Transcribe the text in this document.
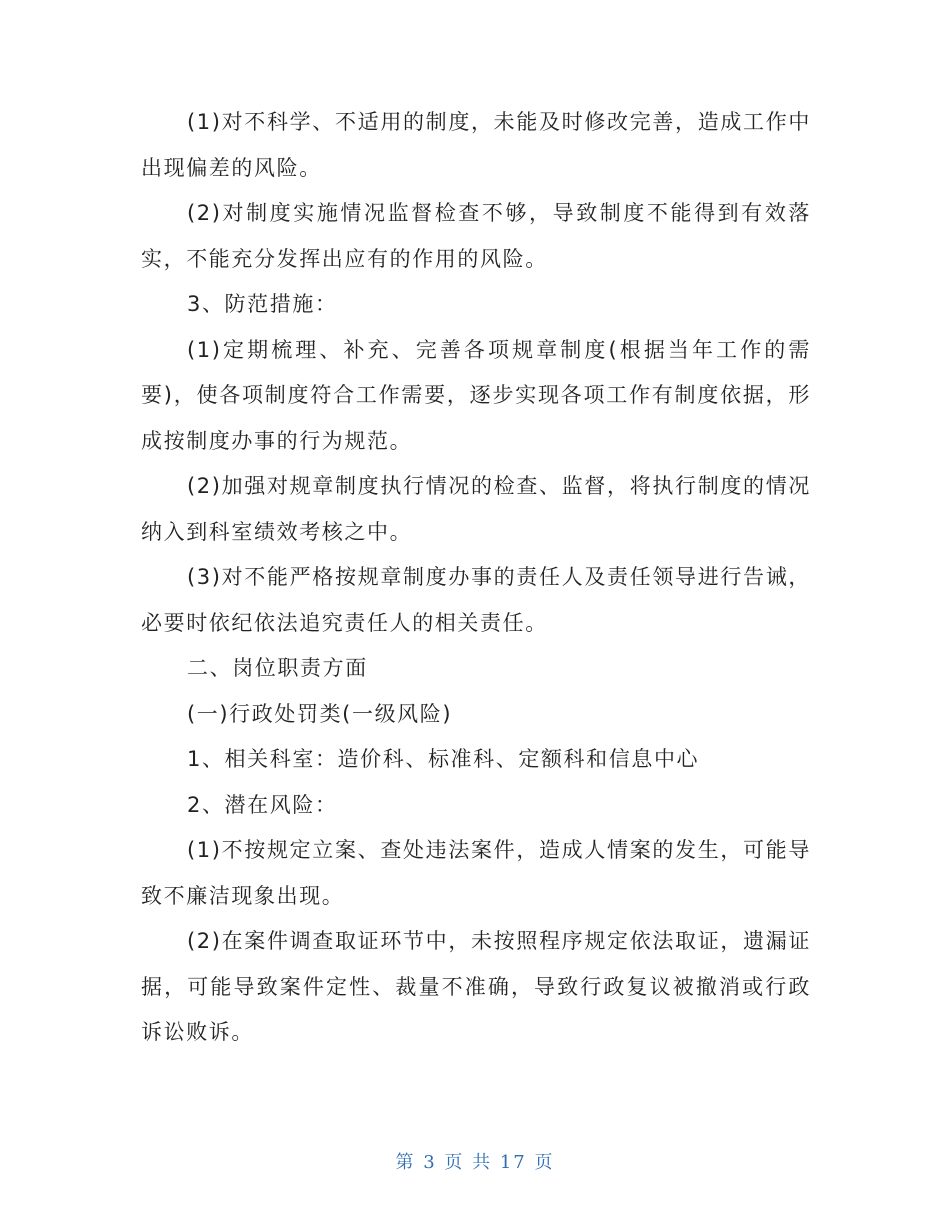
(1)对不科学、不适用的制度，未能及时修改完善，造成工作中出现偏差的风险。

(2)对制度实施情况监督检查不够，导致制度不能得到有效落实，不能充分发挥出应有的作用的风险。

3、防范措施：

(1)定期梳理、补充、完善各项规章制度(根据当年工作的需要)，使各项制度符合工作需要，逐步实现各项工作有制度依据，形成按制度办事的行为规范。

(2)加强对规章制度执行情况的检查、监督，将执行制度的情况纳入到科室绩效考核之中。

(3)对不能严格按规章制度办事的责任人及责任领导进行告诫，必要时依纪依法追究责任人的相关责任。

二、岗位职责方面

(一)行政处罚类(一级风险)

1、相关科室：造价科、标准科、定额科和信息中心

2、潜在风险：

(1)不按规定立案、查处违法案件，造成人情案的发生，可能导致不廉洁现象出现。

(2)在案件调查取证环节中，未按照程序规定依法取证，遗漏证据，可能导致案件定性、裁量不准确，导致行政复议被撤消或行政诉讼败诉。

第 3 页 共 17 页
